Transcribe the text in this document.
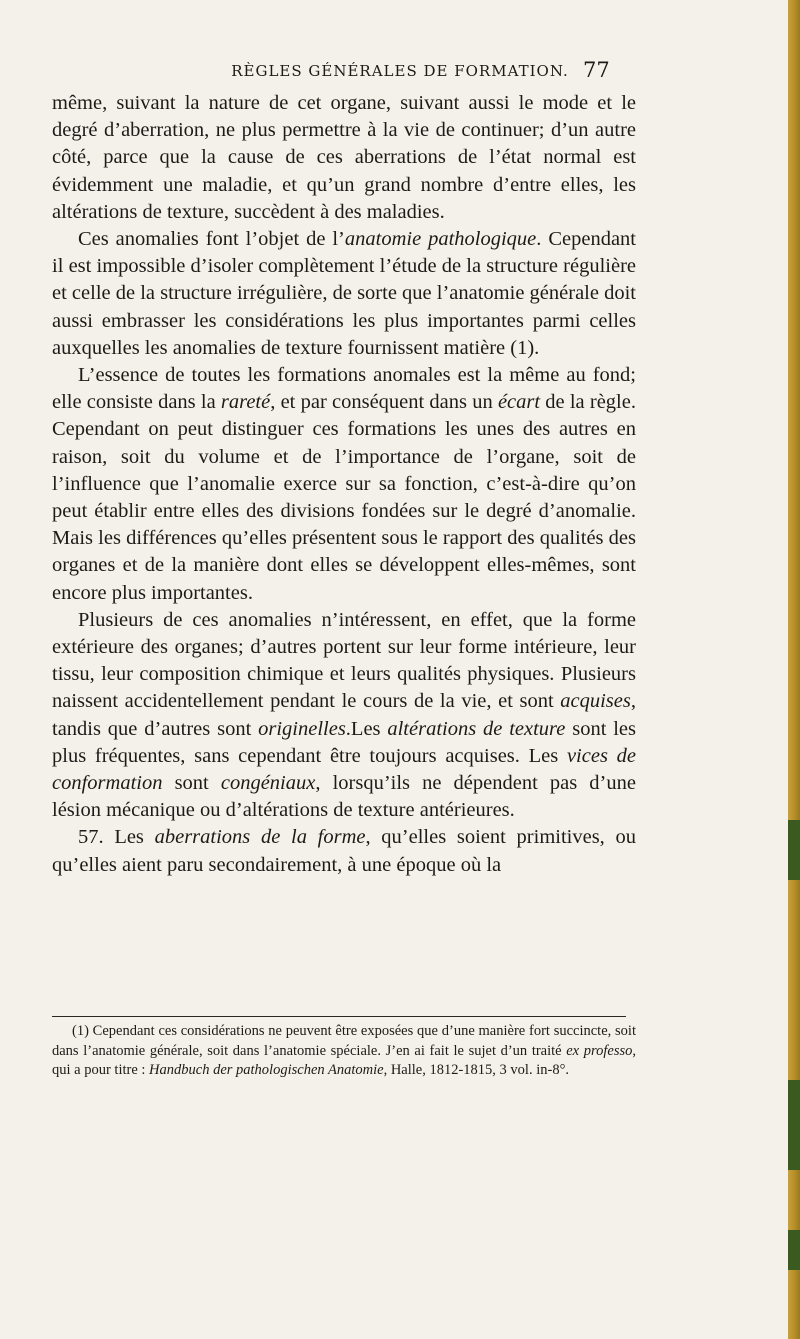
RÈGLES GÉNÉRALES DE FORMATION. 77

même, suivant la nature de cet organe, suivant aussi le mode et le degré d’aberration, ne plus permettre à la vie de continuer; d’un autre côté, parce que la cause de ces aberrations de l’état normal est évidemment une maladie, et qu’un grand nombre d’entre elles, les altérations de texture, succèdent à des maladies.

Ces anomalies font l’objet de l’anatomie pathologique. Cependant il est impossible d’isoler complètement l’étude de la structure régulière et celle de la structure irrégulière, de sorte que l’anatomie générale doit aussi embrasser les considérations les plus importantes parmi celles auxquelles les anomalies de texture fournissent matière (1).

L’essence de toutes les formations anomales est la même au fond; elle consiste dans la rareté, et par conséquent dans un écart de la règle. Cependant on peut distinguer ces formations les unes des autres en raison, soit du volume et de l’importance de l’organe, soit de l’influence que l’anomalie exerce sur sa fonction, c’est-à-dire qu’on peut établir entre elles des divisions fondées sur le degré d’anomalie. Mais les différences qu’elles présentent sous le rapport des qualités des organes et de la manière dont elles se développent elles-mêmes, sont encore plus importantes.

Plusieurs de ces anomalies n’intéressent, en effet, que la forme extérieure des organes; d’autres portent sur leur forme intérieure, leur tissu, leur composition chimique et leurs qualités physiques. Plusieurs naissent accidentellement pendant le cours de la vie, et sont acquises, tandis que d’autres sont originelles.Les altérations de texture sont les plus fréquentes, sans cependant être toujours acquises. Les vices de conformation sont congéniaux, lorsqu’ils ne dépendent pas d’une lésion mécanique ou d’altérations de texture antérieures.

57. Les aberrations de la forme, qu’elles soient primitives, ou qu’elles aient paru secondairement, à une époque où la

(1) Cependant ces considérations ne peuvent être exposées que d’une manière fort succincte, soit dans l’anatomie générale, soit dans l’anatomie spéciale. J’en ai fait le sujet d’un traité ex professo, qui a pour titre : Handbuch der pathologischen Anatomie, Halle, 1812-1815, 3 vol. in-8°.
